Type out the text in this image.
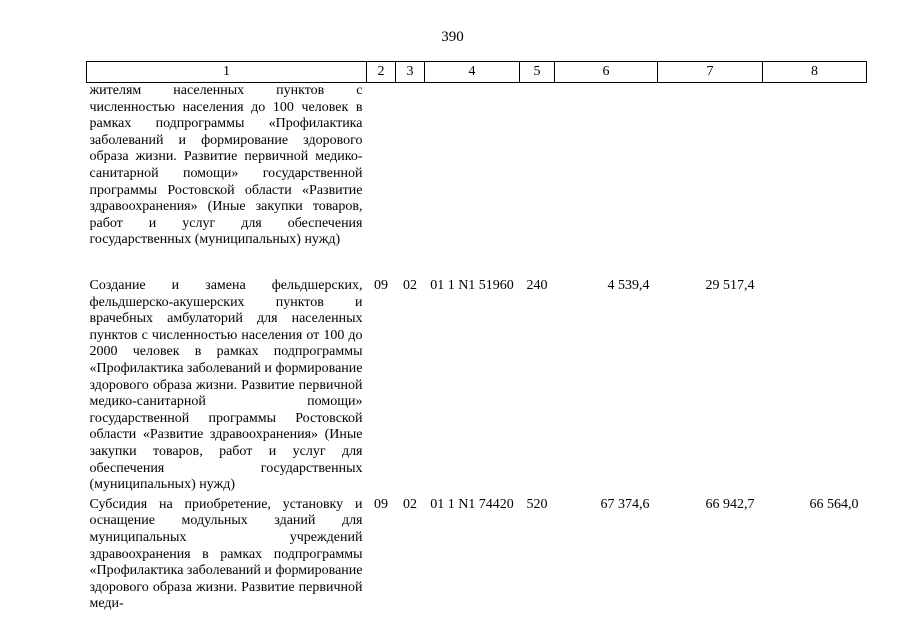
390
1	2	3	4	5	6	7	8
жителям населенных пунктов с численностью населения до 100 человек в рамках подпрограммы «Профилактика заболеваний и формирование здорового образа жизни. Развитие первичной медико-санитарной помощи» государственной программы Ростовской области «Развитие здравоохранения» (Иные закупки товаров, работ и услуг для обеспечения государственных (муниципальных) нужд)							
Создание и замена фельдшерских, фельдшерско-акушерских пунктов и врачебных амбулаторий для населенных пунктов с численностью населения от 100 до 2000 человек в рамках подпрограммы «Профилактика заболеваний и формирование здорового образа жизни. Развитие первичной медико-санитарной помощи» государственной программы Ростовской области «Развитие здравоохранения» (Иные закупки товаров, работ и услуг для обеспечения государственных (муниципальных) нужд)	09	02	01 1 N1 51960	240	4 539,4	29 517,4	
Субсидия на приобретение, установку и оснащение модульных зданий для муниципальных учреждений здравоохранения в рамках подпрограммы «Профилактика заболеваний и формирование здорового образа жизни. Развитие первичной меди-	09	02	01 1 N1 74420	520	67 374,6	66 942,7	66 564,0
